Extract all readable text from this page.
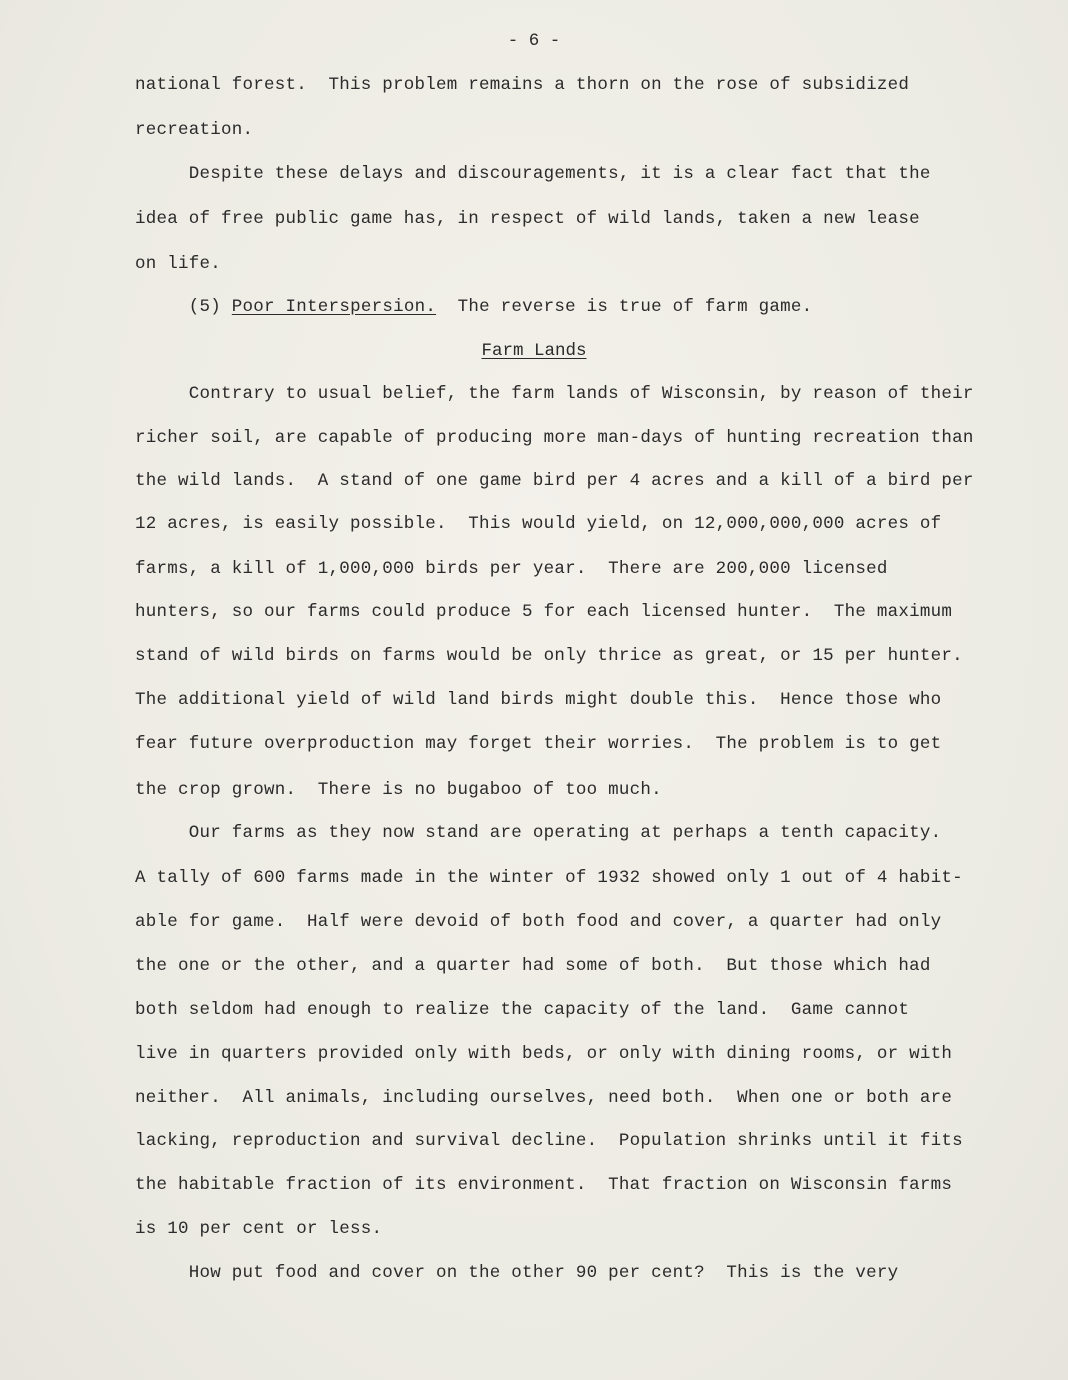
- 6 -
national forest.  This problem remains a thorn on the rose of subsidized
recreation.
Despite these delays and discouragements, it is a clear fact that the
idea of free public game has, in respect of wild lands, taken a new lease
on life.
(5) Poor Interspersion. The reverse is true of farm game.
Farm Lands
Contrary to usual belief, the farm lands of Wisconsin, by reason of their
richer soil, are capable of producing more man-days of hunting recreation than
the wild lands.  A stand of one game bird per 4 acres and a kill of a bird per
12 acres, is easily possible.  This would yield, on 12,000,000,000 acres of
farms, a kill of 1,000,000 birds per year.  There are 200,000 licensed
hunters, so our farms could produce 5 for each licensed hunter.  The maximum
stand of wild birds on farms would be only thrice as great, or 15 per hunter.
The additional yield of wild land birds might double this.  Hence those who
fear future overproduction may forget their worries.  The problem is to get
the crop grown.  There is no bugaboo of too much.
Our farms as they now stand are operating at perhaps a tenth capacity.
A tally of 600 farms made in the winter of 1932 showed only 1 out of 4 habit-
able for game.  Half were devoid of both food and cover, a quarter had only
the one or the other, and a quarter had some of both.  But those which had
both seldom had enough to realize the capacity of the land.  Game cannot
live in quarters provided only with beds, or only with dining rooms, or with
neither.  All animals, including ourselves, need both.  When one or both are
lacking, reproduction and survival decline.  Population shrinks until it fits
the habitable fraction of its environment.  That fraction on Wisconsin farms
is 10 per cent or less.
How put food and cover on the other 90 per cent?  This is the very
